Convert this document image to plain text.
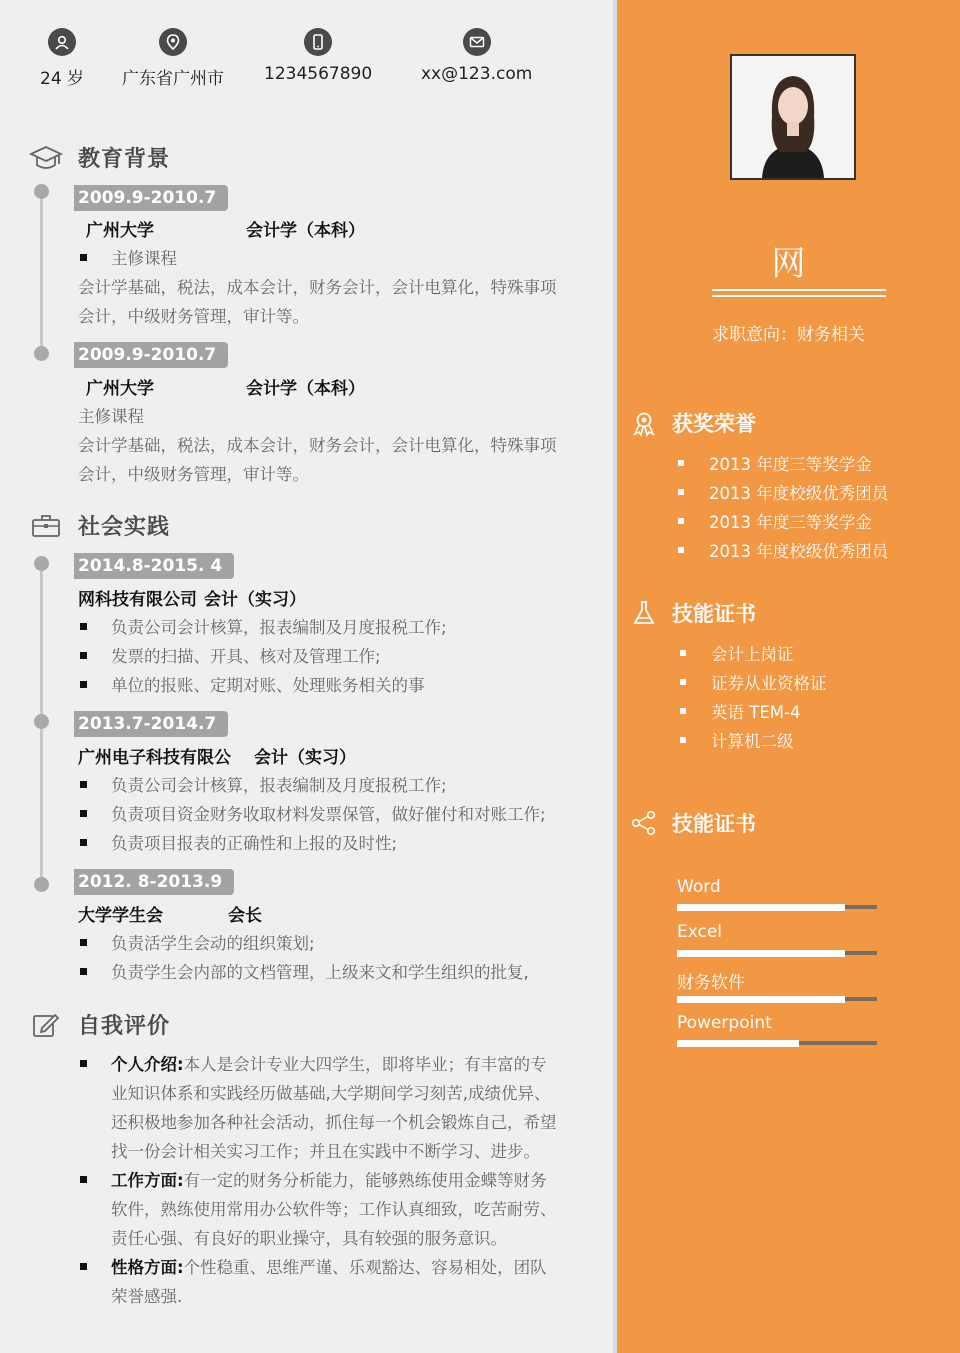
24 岁 广东省广州市 1234567890	xx@123.com
教育背景
2009.9-2010.7
广州大学	会计学（本科）
主修课程
会计学基础，税法，成本会计，财务会计，会计电算化，特殊事项
会计，中级财务管理，审计等。
2009.9-2010.7
广州大学	会计学（本科）
主修课程
会计学基础，税法，成本会计，财务会计，会计电算化，特殊事项
会计，中级财务管理，审计等。
社会实践
2014.8-2015. 4
网科技有限公司 会计（实习）
负责公司会计核算，报表编制及月度报税工作;
发票的扫描、开具、核对及管理工作;
单位的报账、定期对账、处理账务相关的事
2013.7-2014.7
广州电子科技有限公 会计（实习）
负责公司会计核算，报表编制及月度报税工作;
负责项目资金财务收取材料发票保管，做好催付和对账工作;
负责项目报表的正确性和上报的及时性;
2012. 8-2013.9
大学学生会	会长
负责活学生会动的组织策划;
负责学生会内部的文档管理，上级来文和学生组织的批复,
自我评价
个人介绍:本人是会计专业大四学生，即将毕业；有丰富的专业知识体系和实践经历做基础,大学期间学习刻苦,成绩优异、还积极地参加各种社会活动，抓住每一个机会锻炼自己，希望找一份会计相关实习工作；并且在实践中不断学习、进步。
工作方面:有一定的财务分析能力，能够熟练使用金蝶等财务软件，熟练使用常用办公软件等；工作认真细致，吃苦耐劳、责任心强、有良好的职业操守，具有较强的服务意识。
性格方面:个性稳重、思维严谨、乐观豁达、容易相处，团队荣誉感强.
网
求职意向：财务相关
获奖荣誉
2013 年度三等奖学金
2013 年度校级优秀团员
2013 年度三等奖学金
2013 年度校级优秀团员
技能证书
会计上岗证
证券从业资格证
英语 TEM-4
计算机二级
技能证书
Word
Excel
财务软件
Powerpoint
